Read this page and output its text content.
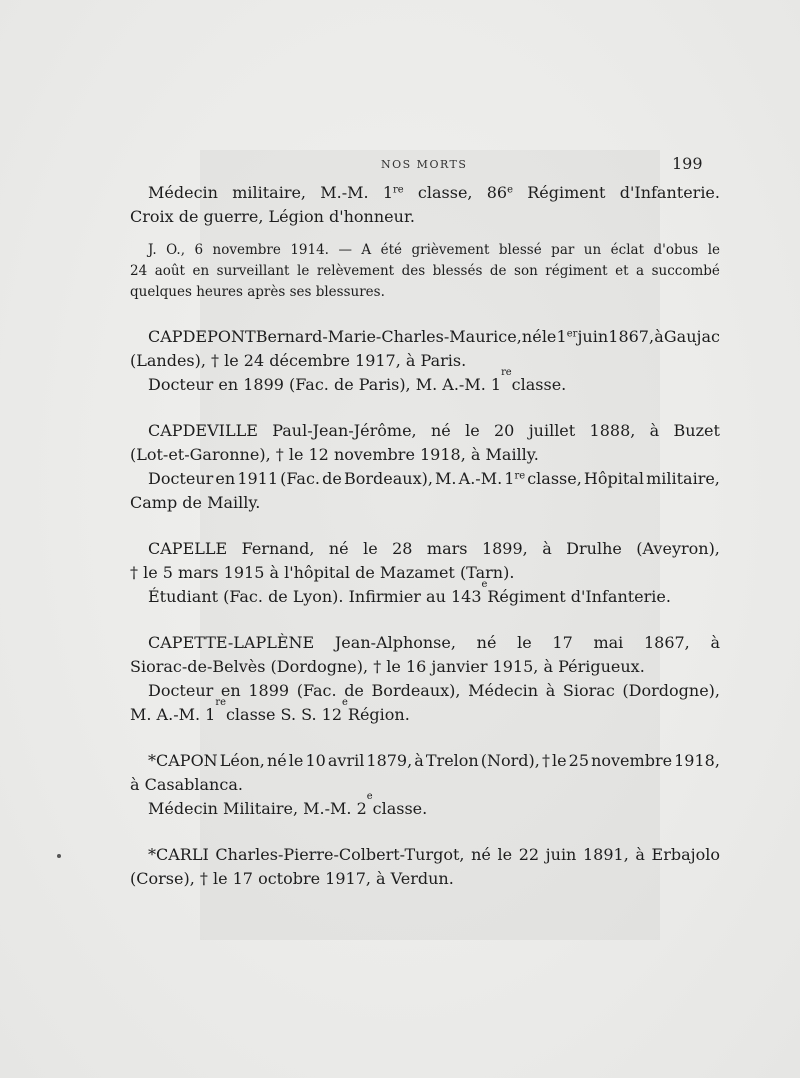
NOS MORTS	199
Médecin militaire, M.-M. 1re classe, 86e Régiment d'Infanterie.
Croix de guerre, Légion d'honneur.
J. O., 6 novembre 1914. — A été grièvement blessé par un éclat d'obus le
24 août en surveillant le relèvement des blessés de son régiment et a succombé
quelques heures après ses blessures.
CAPDEPONT Bernard-Marie-Charles-Maurice, né le 1er juin 1867, à Gaujac
(Landes), † le 24 décembre 1917, à Paris.
Docteur en 1899 (Fac. de Paris), M. A.-M. 1
re
classe.
CAPDEVILLE Paul-Jean-Jérôme, né le 20 juillet 1888, à Buzet
(Lot-et-Garonne), † le 12 novembre 1918, à Mailly.
Docteur en 1911 (Fac. de Bordeaux), M. A.-M. 1re classe, Hôpital militaire,
Camp de Mailly.
CAPELLE Fernand, né le 28 mars 1899, à Drulhe (Aveyron),
† le 5 mars 1915 à l'hôpital de Mazamet (Tarn).
Étudiant (Fac. de Lyon). Infirmier au 143
e
Régiment d'Infanterie.
CAPETTE-LAPLÈNE Jean-Alphonse, né le 17 mai 1867, à
Siorac-de-Belvès (Dordogne), † le 16 janvier 1915, à Périgueux.
Docteur en 1899 (Fac. de Bordeaux), Médecin à Siorac (Dordogne),
M. A.-M. 1
re
classe S. S. 12
e
Région.
*CAPON Léon, né le 10 avril 1879, à Trelon (Nord), † le 25 novembre 1918,
à Casablanca.
Médecin Militaire, M.-M. 2
e
classe.
*CARLI Charles-Pierre-Colbert-Turgot, né le 22 juin 1891, à Erbajolo
(Corse), † le 17 octobre 1917, à Verdun.
